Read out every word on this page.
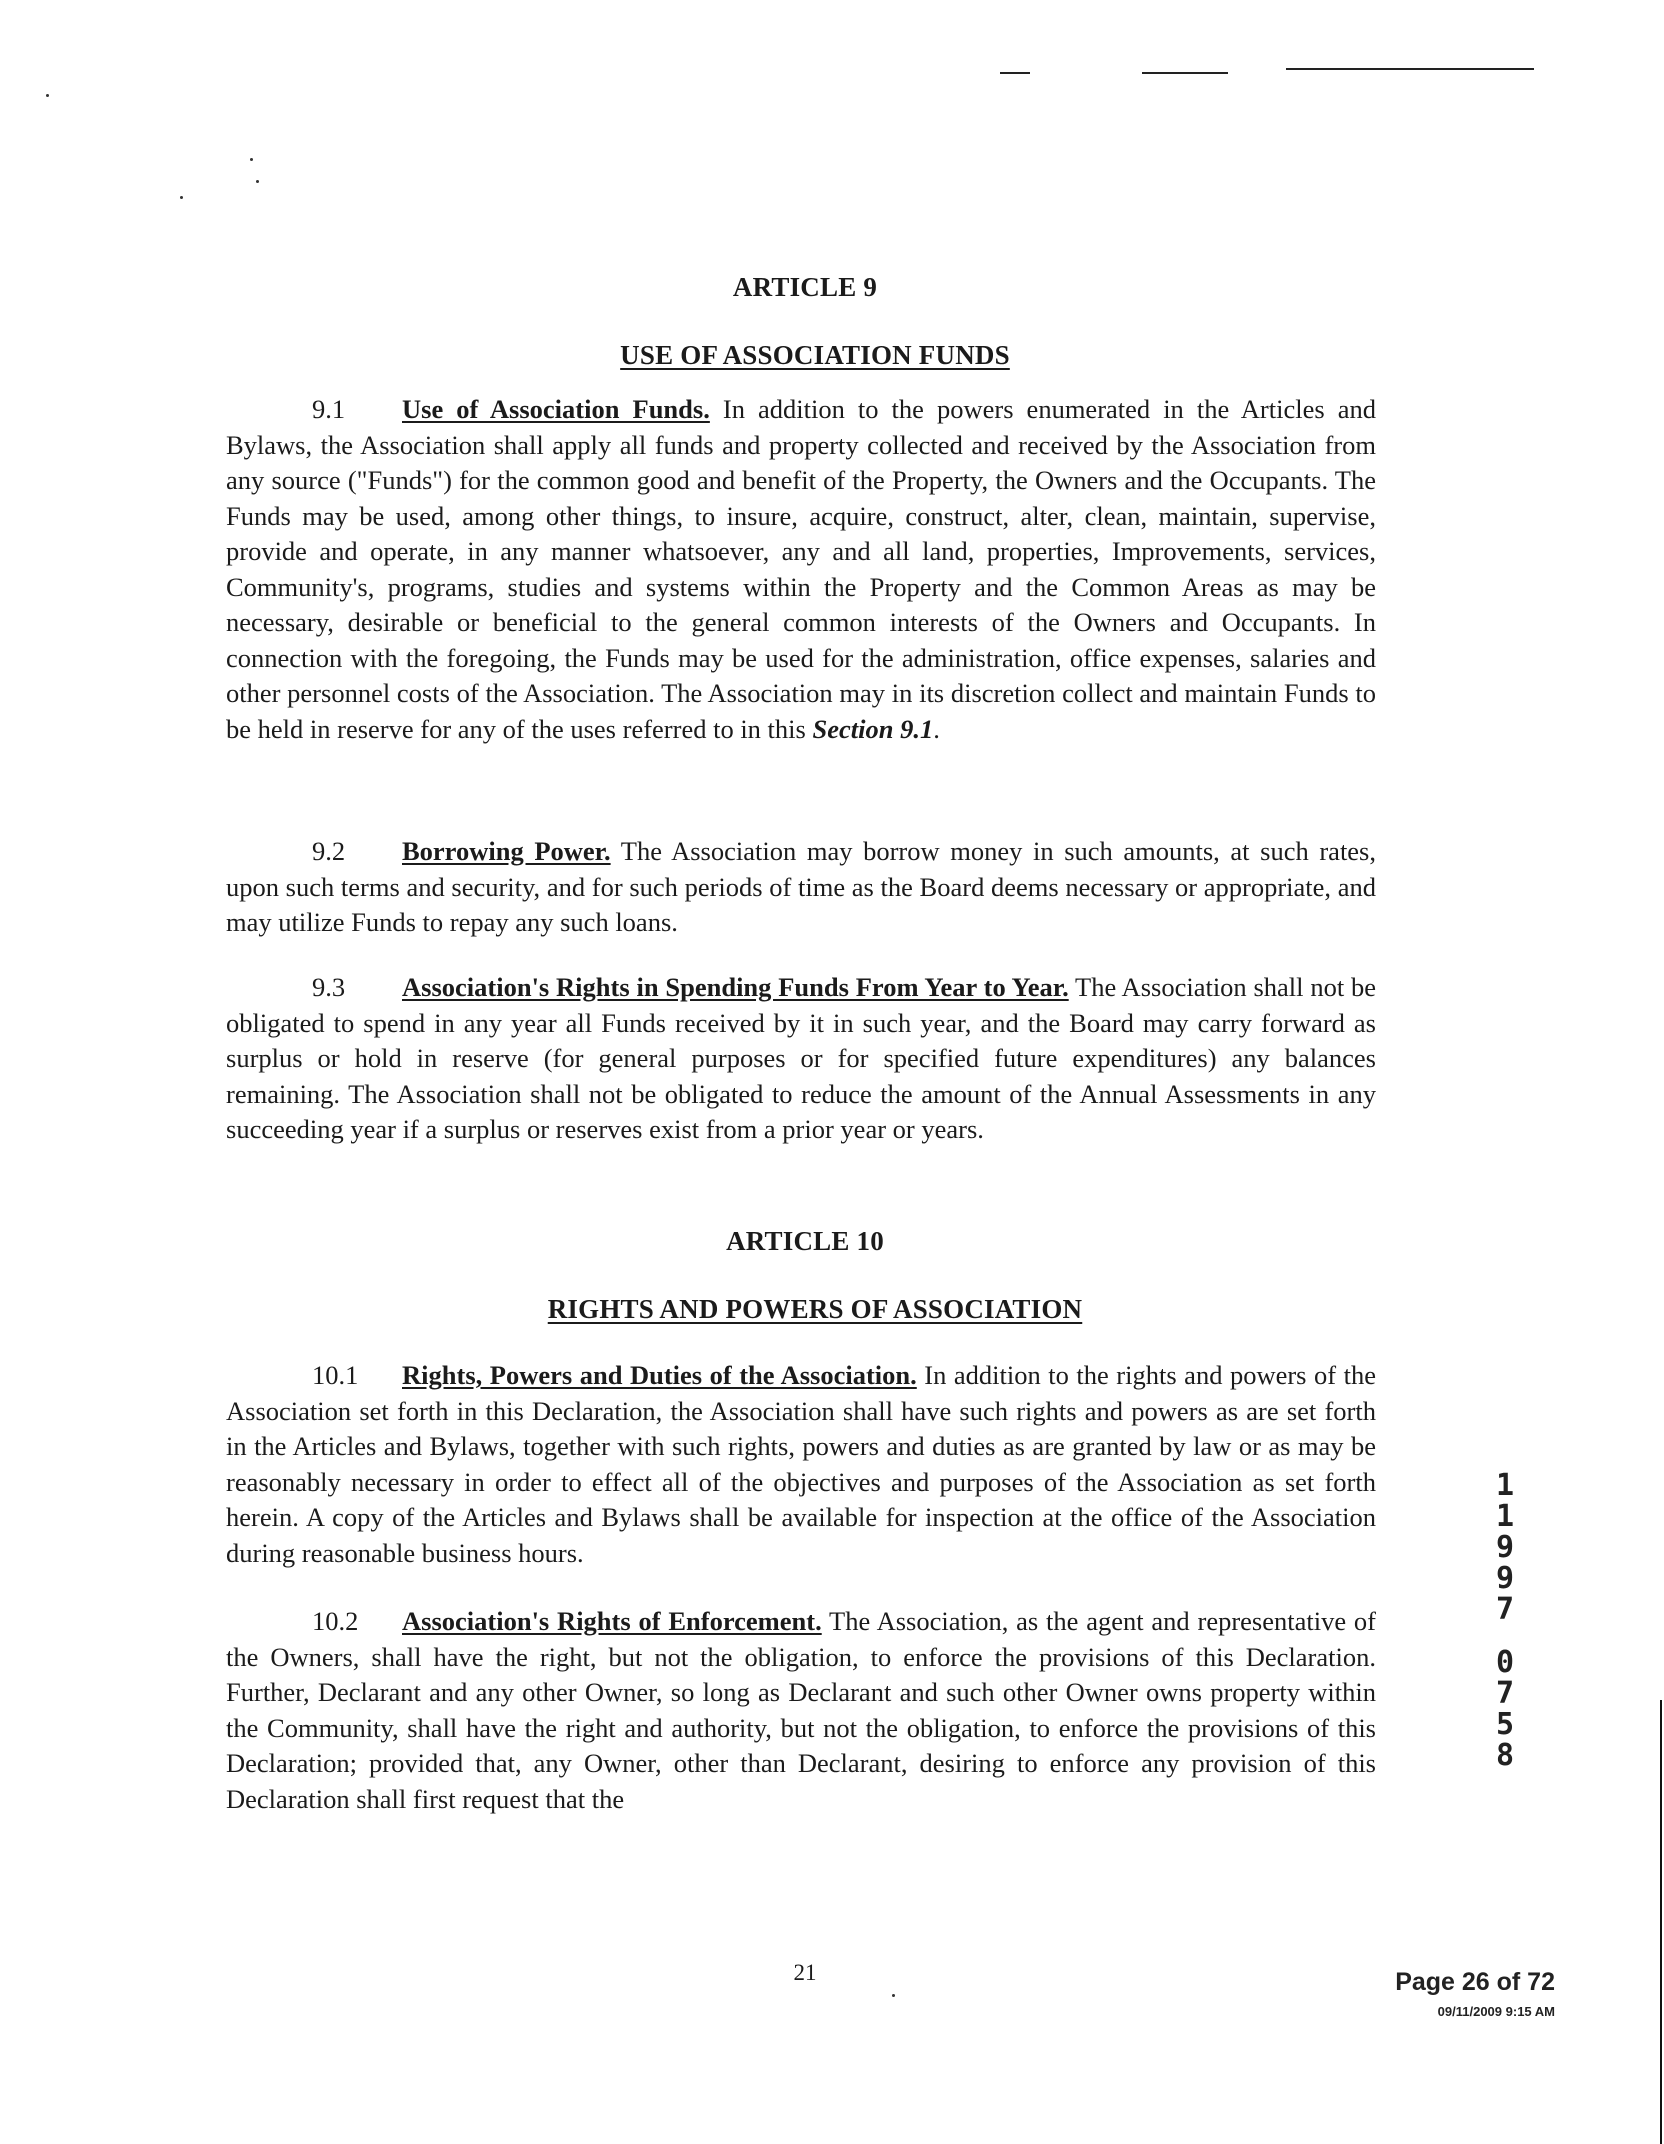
ARTICLE 9
USE OF ASSOCIATION FUNDS

9.1 Use of Association Funds. In addition to the powers enumerated in the Articles and Bylaws, the Association shall apply all funds and property collected and received by the Association from any source ("Funds") for the common good and benefit of the Property, the Owners and the Occupants. The Funds may be used, among other things, to insure, acquire, construct, alter, clean, maintain, supervise, provide and operate, in any manner whatsoever, any and all land, properties, Improvements, services, Community's, programs, studies and systems within the Property and the Common Areas as may be necessary, desirable or beneficial to the general common interests of the Owners and Occupants. In connection with the foregoing, the Funds may be used for the administration, office expenses, salaries and other personnel costs of the Association. The Association may in its discretion collect and maintain Funds to be held in reserve for any of the uses referred to in this Section 9.1.

9.2 Borrowing Power. The Association may borrow money in such amounts, at such rates, upon such terms and security, and for such periods of time as the Board deems necessary or appropriate, and may utilize Funds to repay any such loans.

9.3 Association's Rights in Spending Funds From Year to Year. The Association shall not be obligated to spend in any year all Funds received by it in such year, and the Board may carry forward as surplus or hold in reserve (for general purposes or for specified future expenditures) any balances remaining. The Association shall not be obligated to reduce the amount of the Annual Assessments in any succeeding year if a surplus or reserves exist from a prior year or years.

ARTICLE 10
RIGHTS AND POWERS OF ASSOCIATION

10.1 Rights, Powers and Duties of the Association. In addition to the rights and powers of the Association set forth in this Declaration, the Association shall have such rights and powers as are set forth in the Articles and Bylaws, together with such rights, powers and duties as are granted by law or as may be reasonably necessary in order to effect all of the objectives and purposes of the Association as set forth herein. A copy of the Articles and Bylaws shall be available for inspection at the office of the Association during reasonable business hours.

10.2 Association's Rights of Enforcement. The Association, as the agent and representative of the Owners, shall have the right, but not the obligation, to enforce the provisions of this Declaration. Further, Declarant and any other Owner, so long as Declarant and such other Owner owns property within the Community, shall have the right and authority, but not the obligation, to enforce the provisions of this Declaration; provided that, any Owner, other than Declarant, desiring to enforce any provision of this Declaration shall first request that the

1
1
9
9
7
0
7
5
8
21	Page 26 of 72
09/11/2009 9:15 AM
